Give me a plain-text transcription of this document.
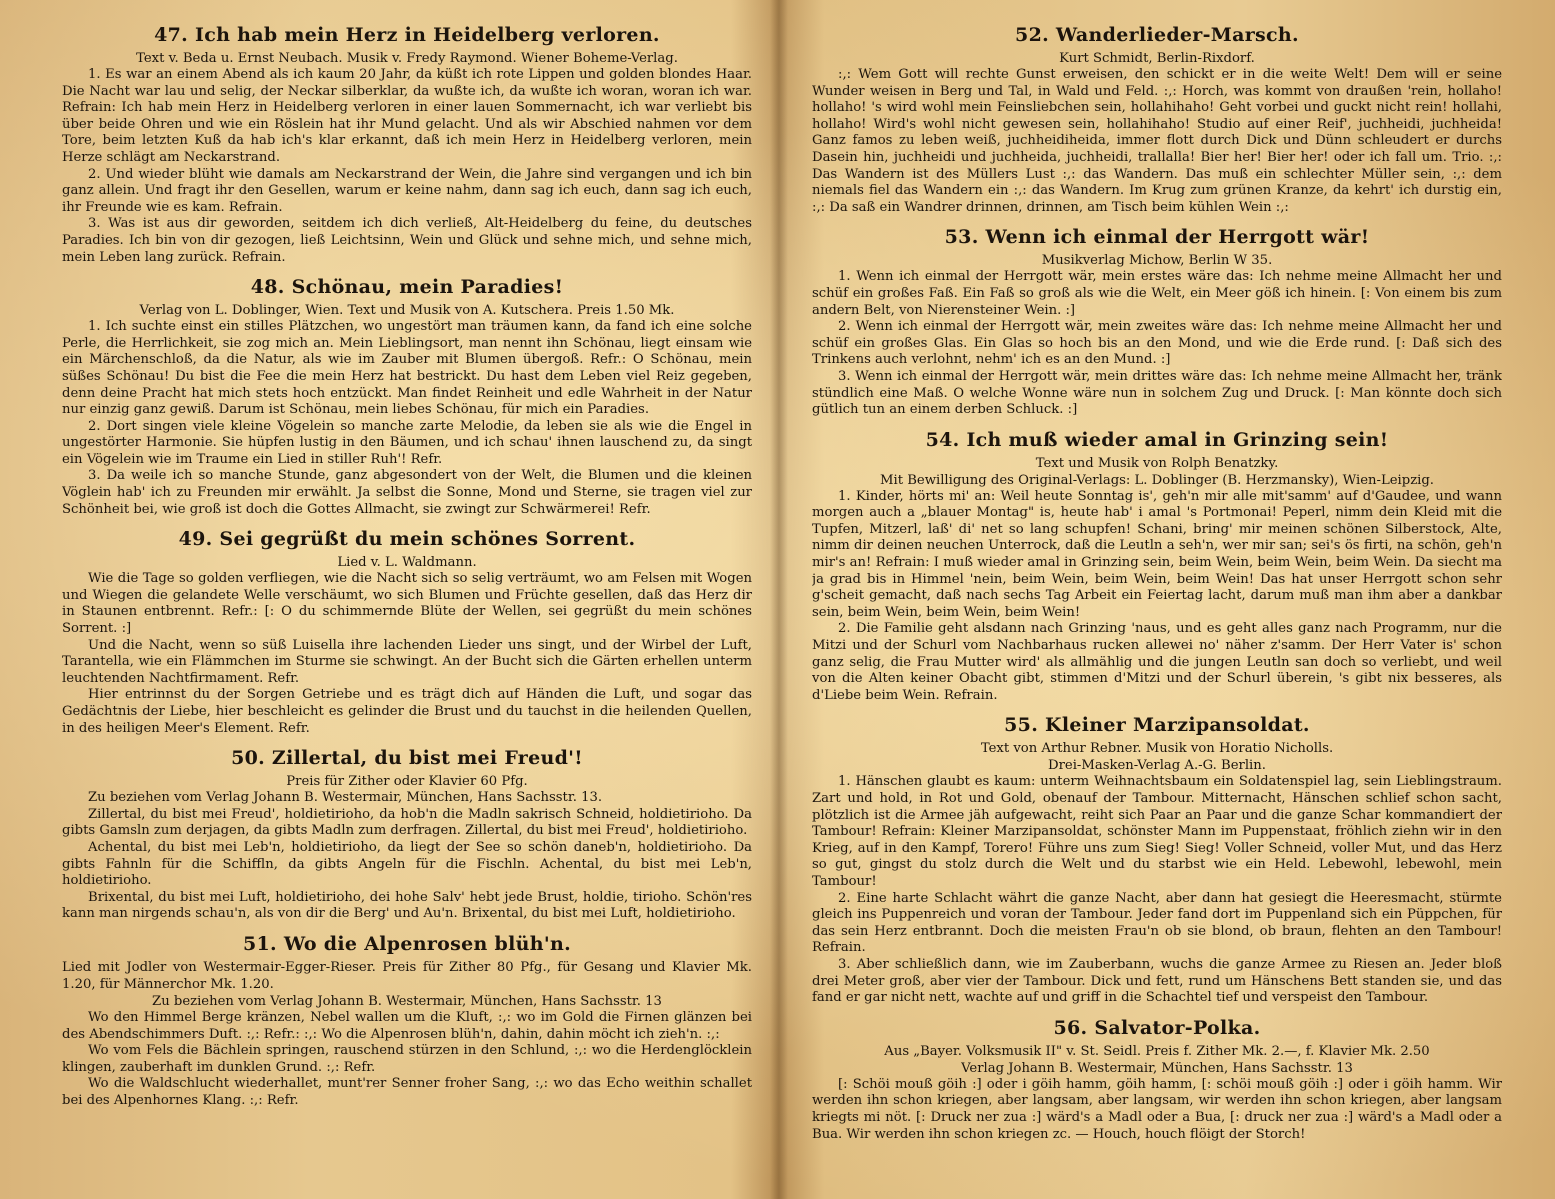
47. Ich hab mein Herz in Heidelberg verloren.

Text v. Beda u. Ernst Neubach. Musik v. Fredy Raymond. Wiener Boheme-Verlag.

1. Es war an einem Abend als ich kaum 20 Jahr, da küßt ich rote Lippen und golden blondes Haar. Die Nacht war lau und selig, der Neckar silberklar, da wußte ich, da wußte ich woran, woran ich war. Refrain: Ich hab mein Herz in Heidelberg verloren in einer lauen Sommernacht, ich war verliebt bis über beide Ohren und wie ein Röslein hat ihr Mund gelacht. Und als wir Abschied nahmen vor dem Tore, beim letzten Kuß da hab ich's klar erkannt, daß ich mein Herz in Heidelberg verloren, mein Herze schlägt am Neckarstrand.

2. Und wieder blüht wie damals am Neckarstrand der Wein, die Jahre sind vergangen und ich bin ganz allein. Und fragt ihr den Gesellen, warum er keine nahm, dann sag ich euch, dann sag ich euch, ihr Freunde wie es kam. Refrain.

3. Was ist aus dir geworden, seitdem ich dich verließ, Alt-Heidelberg du feine, du deutsches Paradies. Ich bin von dir gezogen, ließ Leichtsinn, Wein und Glück und sehne mich, und sehne mich, mein Leben lang zurück. Refrain.

48. Schönau, mein Paradies!

Verlag von L. Doblinger, Wien. Text und Musik von A. Kutschera. Preis 1.50 Mk.

1. Ich suchte einst ein stilles Plätzchen, wo ungestört man träumen kann, da fand ich eine solche Perle, die Herrlichkeit, sie zog mich an. Mein Lieblingsort, man nennt ihn Schönau, liegt einsam wie ein Märchenschloß, da die Natur, als wie im Zauber mit Blumen übergoß. Refr.: O Schönau, mein süßes Schönau! Du bist die Fee die mein Herz hat bestrickt. Du hast dem Leben viel Reiz gegeben, denn deine Pracht hat mich stets hoch entzückt. Man findet Reinheit und edle Wahrheit in der Natur nur einzig ganz gewiß. Darum ist Schönau, mein liebes Schönau, für mich ein Paradies.

2. Dort singen viele kleine Vögelein so manche zarte Melodie, da leben sie als wie die Engel in ungestörter Harmonie. Sie hüpfen lustig in den Bäumen, und ich schau' ihnen lauschend zu, da singt ein Vögelein wie im Traume ein Lied in stiller Ruh'! Refr.

3. Da weile ich so manche Stunde, ganz abgesondert von der Welt, die Blumen und die kleinen Vöglein hab' ich zu Freunden mir erwählt. Ja selbst die Sonne, Mond und Sterne, sie tragen viel zur Schönheit bei, wie groß ist doch die Gottes Allmacht, sie zwingt zur Schwärmerei! Refr.

49. Sei gegrüßt du mein schönes Sorrent.

Lied v. L. Waldmann.

Wie die Tage so golden verfliegen, wie die Nacht sich so selig verträumt, wo am Felsen mit Wogen und Wiegen die gelandete Welle verschäumt, wo sich Blumen und Früchte gesellen, daß das Herz dir in Staunen entbrennt. Refr.: [: O du schimmernde Blüte der Wellen, sei gegrüßt du mein schönes Sorrent. :]

Und die Nacht, wenn so süß Luisella ihre lachenden Lieder uns singt, und der Wirbel der Luft, Tarantella, wie ein Flämmchen im Sturme sie schwingt. An der Bucht sich die Gärten erhellen unterm leuchtenden Nachtfirmament. Refr.

Hier entrinnst du der Sorgen Getriebe und es trägt dich auf Händen die Luft, und sogar das Gedächtnis der Liebe, hier beschleicht es gelinder die Brust und du tauchst in die heilenden Quellen, in des heiligen Meer's Element. Refr.

50. Zillertal, du bist mei Freud'!

Preis für Zither oder Klavier 60 Pfg.

Zu beziehen vom Verlag Johann B. Westermair, München, Hans Sachsstr. 13.

Zillertal, du bist mei Freud', holdietirioho, da hob'n die Madln sakrisch Schneid, holdietirioho. Da gibts Gamsln zum derjagen, da gibts Madln zum derfragen. Zillertal, du bist mei Freud', holdietirioho.

Achental, du bist mei Leb'n, holdietirioho, da liegt der See so schön daneb'n, holdietirioho. Da gibts Fahnln für die Schiffln, da gibts Angeln für die Fischln. Achental, du bist mei Leb'n, holdietirioho.

Brixental, du bist mei Luft, holdietirioho, dei hohe Salv' hebt jede Brust, holdie, tirioho. Schön'res kann man nirgends schau'n, als von dir die Berg' und Au'n. Brixental, du bist mei Luft, holdietirioho.

51. Wo die Alpenrosen blüh'n.

Lied mit Jodler von Westermair-Egger-Rieser. Preis für Zither 80 Pfg., für Gesang und Klavier Mk. 1.20, für Männerchor Mk. 1.20.

Zu beziehen vom Verlag Johann B. Westermair, München, Hans Sachsstr. 13

Wo den Himmel Berge kränzen, Nebel wallen um die Kluft, :,: wo im Gold die Firnen glänzen bei des Abendschimmers Duft. :,: Refr.: :,: Wo die Alpenrosen blüh'n, dahin, dahin möcht ich zieh'n. :,:

Wo vom Fels die Bächlein springen, rauschend stürzen in den Schlund, :,: wo die Herdenglöcklein klingen, zauberhaft im dunklen Grund. :,: Refr.

Wo die Waldschlucht wiederhallet, munt'rer Senner froher Sang, :,: wo das Echo weithin schallet bei des Alpenhornes Klang. :,: Refr.

52. Wanderlieder-Marsch.

Kurt Schmidt, Berlin-Rixdorf.

:,: Wem Gott will rechte Gunst erweisen, den schickt er in die weite Welt! Dem will er seine Wunder weisen in Berg und Tal, in Wald und Feld. :,: Horch, was kommt von draußen 'rein, hollaho! hollaho! 's wird wohl mein Feinsliebchen sein, hollahihaho! Geht vorbei und guckt nicht rein! hollahi, hollaho! Wird's wohl nicht gewesen sein, hollahihaho! Studio auf einer Reif', juchheidi, juchheida! Ganz famos zu leben weiß, juchheidiheida, immer flott durch Dick und Dünn schleudert er durchs Dasein hin, juchheidi und juchheida, juchheidi, trallalla! Bier her! Bier her! oder ich fall um. Trio. :,: Das Wandern ist des Müllers Lust :,: das Wandern. Das muß ein schlechter Müller sein, :,: dem niemals fiel das Wandern ein :,: das Wandern. Im Krug zum grünen Kranze, da kehrt' ich durstig ein, :,: Da saß ein Wandrer drinnen, drinnen, am Tisch beim kühlen Wein :,:

53. Wenn ich einmal der Herrgott wär!

Musikverlag Michow, Berlin W 35.

1. Wenn ich einmal der Herrgott wär, mein erstes wäre das: Ich nehme meine Allmacht her und schüf ein großes Faß. Ein Faß so groß als wie die Welt, ein Meer göß ich hinein. [: Von einem bis zum andern Belt, von Nierensteiner Wein. :]

2. Wenn ich einmal der Herrgott wär, mein zweites wäre das: Ich nehme meine Allmacht her und schüf ein großes Glas. Ein Glas so hoch bis an den Mond, und wie die Erde rund. [: Daß sich des Trinkens auch verlohnt, nehm' ich es an den Mund. :]

3. Wenn ich einmal der Herrgott wär, mein drittes wäre das: Ich nehme meine Allmacht her, tränk stündlich eine Maß. O welche Wonne wäre nun in solchem Zug und Druck. [: Man könnte doch sich gütlich tun an einem derben Schluck. :]

54. Ich muß wieder amal in Grinzing sein!

Text und Musik von Rolph Benatzky.

Mit Bewilligung des Original-Verlags: L. Doblinger (B. Herzmansky), Wien-Leipzig.

1. Kinder, hörts mi' an: Weil heute Sonntag is', geh'n mir alle mit'samm' auf d'Gaudee, und wann morgen auch a „blauer Montag" is, heute hab' i amal 's Portmonai! Peperl, nimm dein Kleid mit die Tupfen, Mitzerl, laß' di' net so lang schupfen! Schani, bring' mir meinen schönen Silberstock, Alte, nimm dir deinen neuchen Unterrock, daß die Leutln a seh'n, wer mir san; sei's ös firti, na schön, geh'n mir's an! Refrain: I muß wieder amal in Grinzing sein, beim Wein, beim Wein, beim Wein. Da siecht ma ja grad bis in Himmel 'nein, beim Wein, beim Wein, beim Wein! Das hat unser Herrgott schon sehr g'scheit gemacht, daß nach sechs Tag Arbeit ein Feiertag lacht, darum muß man ihm aber a dankbar sein, beim Wein, beim Wein, beim Wein!

2. Die Familie geht alsdann nach Grinzing 'naus, und es geht alles ganz nach Programm, nur die Mitzi und der Schurl vom Nachbarhaus rucken allewei no' näher z'samm. Der Herr Vater is' schon ganz selig, die Frau Mutter wird' als allmählig und die jungen Leutln san doch so verliebt, und weil von die Alten keiner Obacht gibt, stimmen d'Mitzi und der Schurl überein, 's gibt nix besseres, als d'Liebe beim Wein. Refrain.

55. Kleiner Marzipansoldat.

Text von Arthur Rebner. Musik von Horatio Nicholls.

Drei-Masken-Verlag A.-G. Berlin.

1. Hänschen glaubt es kaum: unterm Weihnachtsbaum ein Soldatenspiel lag, sein Lieblingstraum. Zart und hold, in Rot und Gold, obenauf der Tambour. Mitternacht, Hänschen schlief schon sacht, plötzlich ist die Armee jäh aufgewacht, reiht sich Paar an Paar und die ganze Schar kommandiert der Tambour! Refrain: Kleiner Marzipansoldat, schönster Mann im Puppenstaat, fröhlich ziehn wir in den Krieg, auf in den Kampf, Torero! Führe uns zum Sieg! Sieg! Voller Schneid, voller Mut, und das Herz so gut, gingst du stolz durch die Welt und du starbst wie ein Held. Lebewohl, lebewohl, mein Tambour!

2. Eine harte Schlacht währt die ganze Nacht, aber dann hat gesiegt die Heeresmacht, stürmte gleich ins Puppenreich und voran der Tambour. Jeder fand dort im Puppenland sich ein Püppchen, für das sein Herz entbrannt. Doch die meisten Frau'n ob sie blond, ob braun, flehten an den Tambour! Refrain.

3. Aber schließlich dann, wie im Zauberbann, wuchs die ganze Armee zu Riesen an. Jeder bloß drei Meter groß, aber vier der Tambour. Dick und fett, rund um Hänschens Bett standen sie, und das fand er gar nicht nett, wachte auf und griff in die Schachtel tief und verspeist den Tambour.

56. Salvator-Polka.

Aus „Bayer. Volksmusik II" v. St. Seidl. Preis f. Zither Mk. 2.—, f. Klavier Mk. 2.50

Verlag Johann B. Westermair, München, Hans Sachsstr. 13

[: Schöi mouß göih :] oder i göih hamm, göih hamm, [: schöi mouß göih :] oder i göih hamm. Wir werden ihn schon kriegen, aber langsam, aber langsam, wir werden ihn schon kriegen, aber langsam kriegts mi nöt. [: Druck ner zua :] wärd's a Madl oder a Bua, [: druck ner zua :] wärd's a Madl oder a Bua. Wir werden ihn schon kriegen zc. — Houch, houch flöigt der Storch!
